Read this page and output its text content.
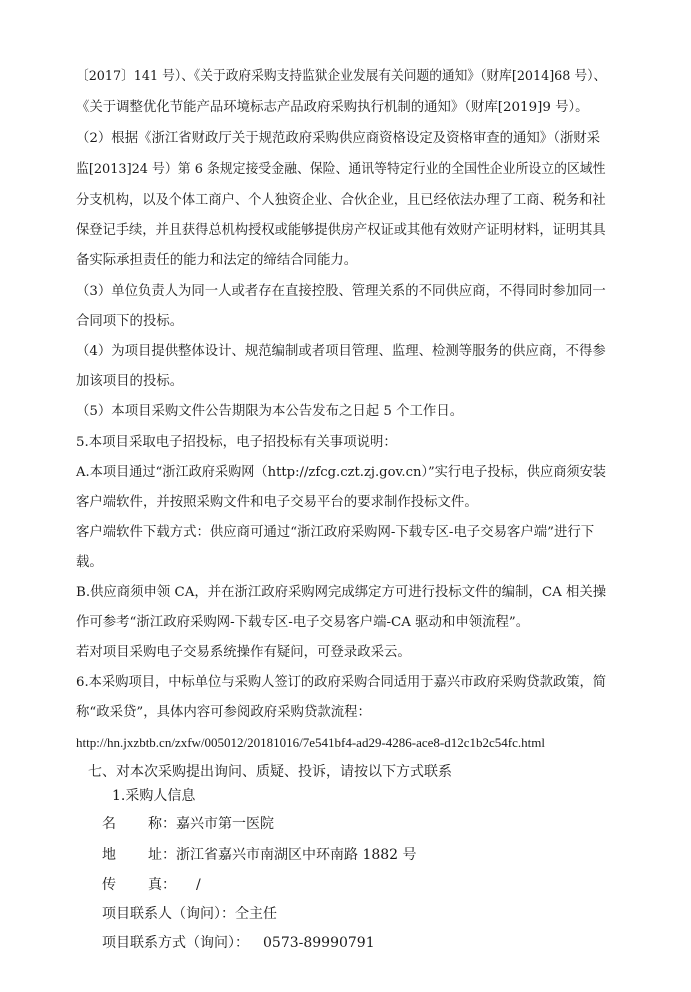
〔2017〕141 号）、《关于政府采购支持监狱企业发展有关问题的通知》（财库[2014]68 号）、
《关于调整优化节能产品环境标志产品政府采购执行机制的通知》（财库[2019]9 号）。
（2）根据《浙江省财政厅关于规范政府采购供应商资格设定及资格审查的通知》（浙财采
监[2013]24 号）第 6 条规定接受金融、保险、通讯等特定行业的全国性企业所设立的区域性
分支机构，以及个体工商户、个人独资企业、合伙企业，且已经依法办理了工商、税务和社
保登记手续，并且获得总机构授权或能够提供房产权证或其他有效财产证明材料，证明其具
备实际承担责任的能力和法定的缔结合同能力。
（3）单位负责人为同一人或者存在直接控股、管理关系的不同供应商，不得同时参加同一
合同项下的投标。
（4）为项目提供整体设计、规范编制或者项目管理、监理、检测等服务的供应商，不得参
加该项目的投标。
（5）本项目采购文件公告期限为本公告发布之日起 5 个工作日。
5.本项目采取电子招投标，电子招投标有关事项说明：
A.本项目通过“浙江政府采购网（http://zfcg.czt.zj.gov.cn）”实行电子投标，供应商须安装
客户端软件，并按照采购文件和电子交易平台的要求制作投标文件。
客户端软件下载方式：供应商可通过“浙江政府采购网-下载专区-电子交易客户端”进行下
载。
B.供应商须申领 CA，并在浙江政府采购网完成绑定方可进行投标文件的编制，CA 相关操
作可参考“浙江政府采购网-下载专区-电子交易客户端-CA 驱动和申领流程”。
若对项目采购电子交易系统操作有疑问，可登录政采云。
6.本采购项目，中标单位与采购人签订的政府采购合同适用于嘉兴市政府采购贷款政策，简
称“政采贷”，具体内容可参阅政府采购贷款流程：
http://hn.jxzbtb.cn/zxfw/005012/20181016/7e541bf4-ad29-4286-ace8-d12c1b2c54fc.html
七、对本次采购提出询问、质疑、投诉，请按以下方式联系
1.采购人信息
名 称：嘉兴市第一医院
地 址：浙江省嘉兴市南湖区中环南路 1882 号
传 真： /
项目联系人（询问）：仝主任
项目联系方式（询问）： 0573-89990791
